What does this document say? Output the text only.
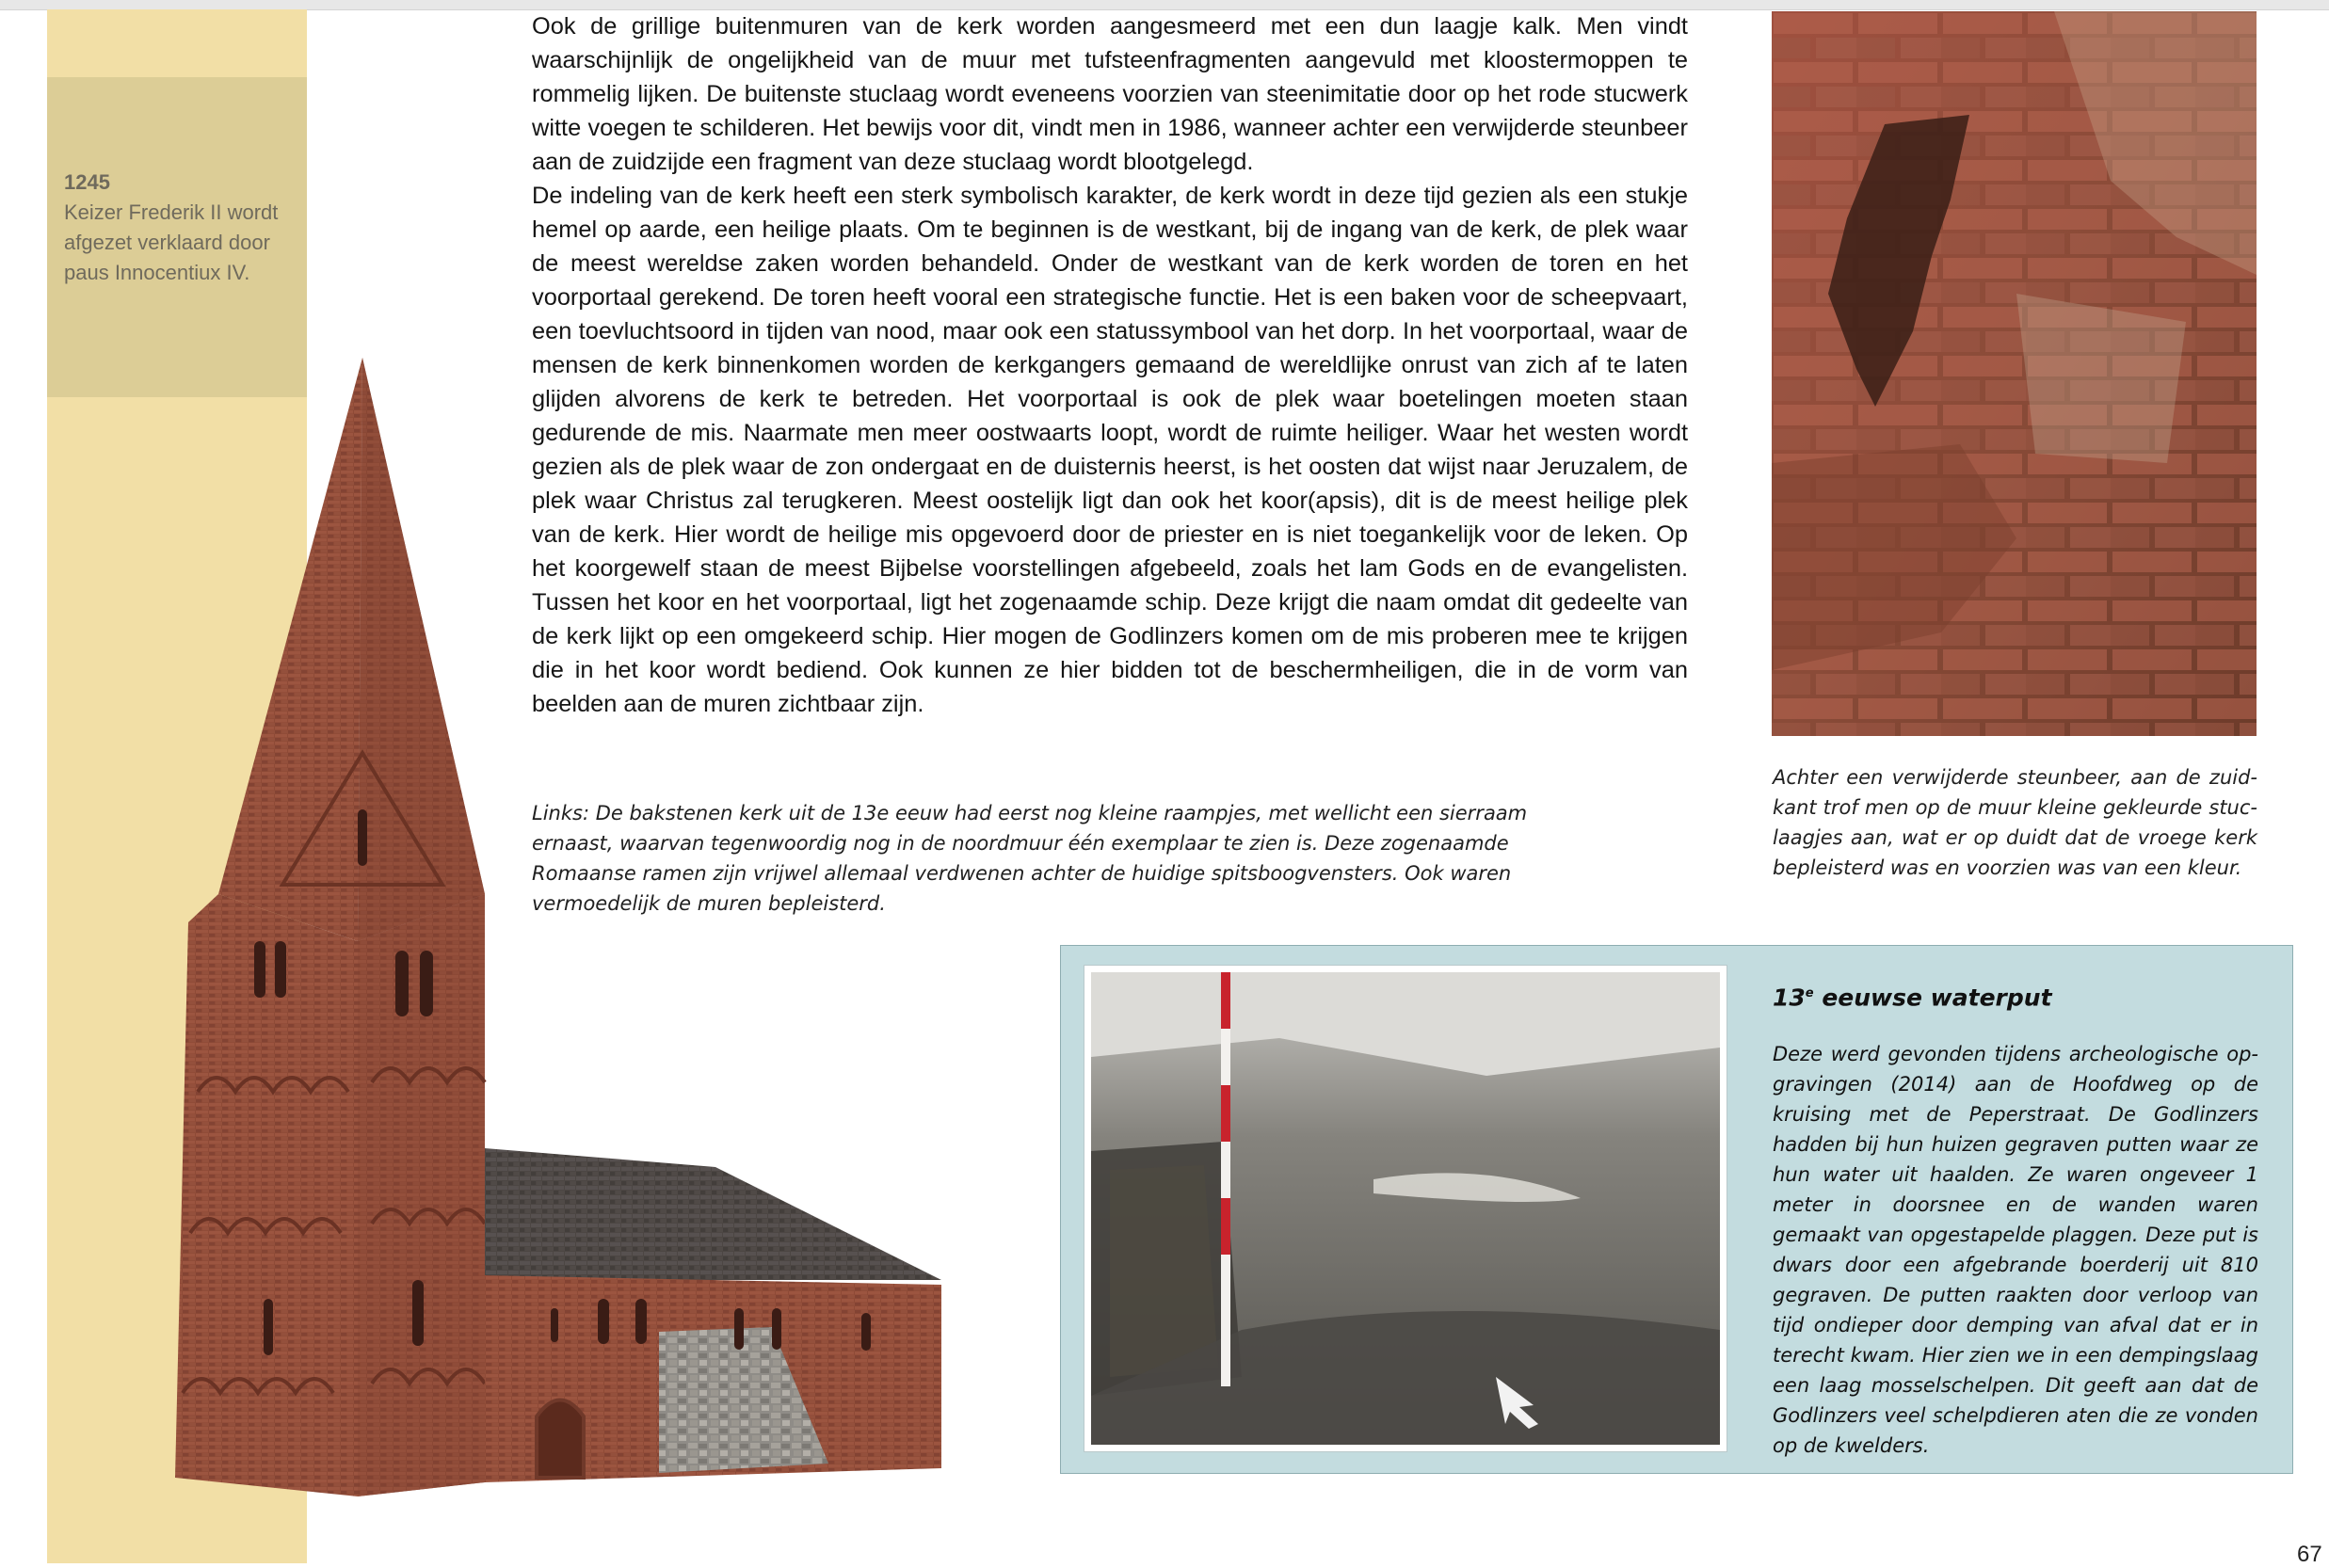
1245
Keizer Frederik II wordt afgezet verklaard door paus Innocentiux IV.

Ook de grillige buitenmuren van de kerk worden aangesmeerd met een dun laagje kalk. Men vindt waarschijnlijk de ongelijkheid van de muur met tufsteenfragmenten aangevuld met kloostermoppen te rommelig lijken. De buitenste stuclaag wordt eveneens voorzien van steenimitatie door op het rode stucwerk witte voegen te schilderen. Het bewijs voor dit, vindt men in 1986, wanneer achter een verwijderde steunbeer aan de zuidzijde een fragment van deze stuclaag wordt blootgelegd.

De indeling van de kerk heeft een sterk symbolisch karakter, de kerk wordt in deze tijd gezien als een stukje hemel op aarde, een heilige plaats. Om te beginnen is de westkant, bij de ingang van de kerk, de plek waar de meest wereldse zaken worden behandeld. Onder de westkant van de kerk worden de toren en het voorportaal gerekend. De toren heeft vooral een strategische functie. Het is een baken voor de scheepvaart, een toevluchtsoord in tijden van nood, maar ook een statussymbool van het dorp. In het voorportaal, waar de mensen de kerk binnenkomen worden de kerkgangers gemaand de wereldlijke onrust van zich af te laten glijden alvorens de kerk te betreden. Het voorportaal is ook de plek waar boetelingen moeten staan gedurende de mis. Naarmate men meer oostwaarts loopt, wordt de ruimte heiliger. Waar het westen wordt gezien als de plek waar de zon ondergaat en de duisternis heerst, is het oosten dat wijst naar Jeruzalem, de plek waar Christus zal terugkeren. Meest oostelijk ligt dan ook het koor(apsis), dit is de meest heilige plek van de kerk. Hier wordt de heilige mis opgevoerd door de priester en is niet toegankelijk voor de leken. Op het koorgewelf staan de meest Bijbelse voorstellingen afgebeeld, zoals het lam Gods en de evangelisten. Tussen het koor en het voorportaal, ligt het zogenaamde schip. Deze krijgt die naam omdat dit gedeelte van de kerk lijkt op een omgekeerd schip. Hier mogen de Godlinzers komen om de mis proberen mee te krijgen die in het koor wordt bediend. Ook kunnen ze hier bidden tot de beschermheiligen, die in de vorm van beelden aan de muren zichtbaar zijn.

Achter een verwijderde steunbeer, aan de zuid-kant trof men op de muur kleine gekleurde stuc-laagjes aan, wat er op duidt dat de vroege kerk bepleisterd was en voorzien was van een kleur.
Links: De bakstenen kerk uit de 13e eeuw had eerst nog kleine raampjes, met wellicht een sierraam ernaast, waarvan tegenwoordig nog in de noordmuur één exemplaar te zien is. Deze zogenaamde Romaanse ramen zijn vrijwel allemaal verdwenen achter de huidige spitsboogvensters. Ook waren vermoedelijk de muren bepleisterd.
13e eeuwse waterput
Deze werd gevonden tijdens archeologische op-gravingen (2014) aan de Hoofdweg op de kruising met de Peperstraat. De Godlinzers hadden bij hun huizen gegraven putten waar ze hun water uit haalden. Ze waren ongeveer 1 meter in doorsnee en de wanden waren gemaakt van opgestapelde plaggen. Deze put is dwars door een afgebrande boerderij uit 810 gegraven. De putten raakten door verloop van tijd ondieper door demping van afval dat er in terecht kwam. Hier zien we in een dempingslaag een laag mosselschelpen. Dit geeft aan dat de Godlinzers veel schelpdieren aten die ze vonden op de kwelders.
67
